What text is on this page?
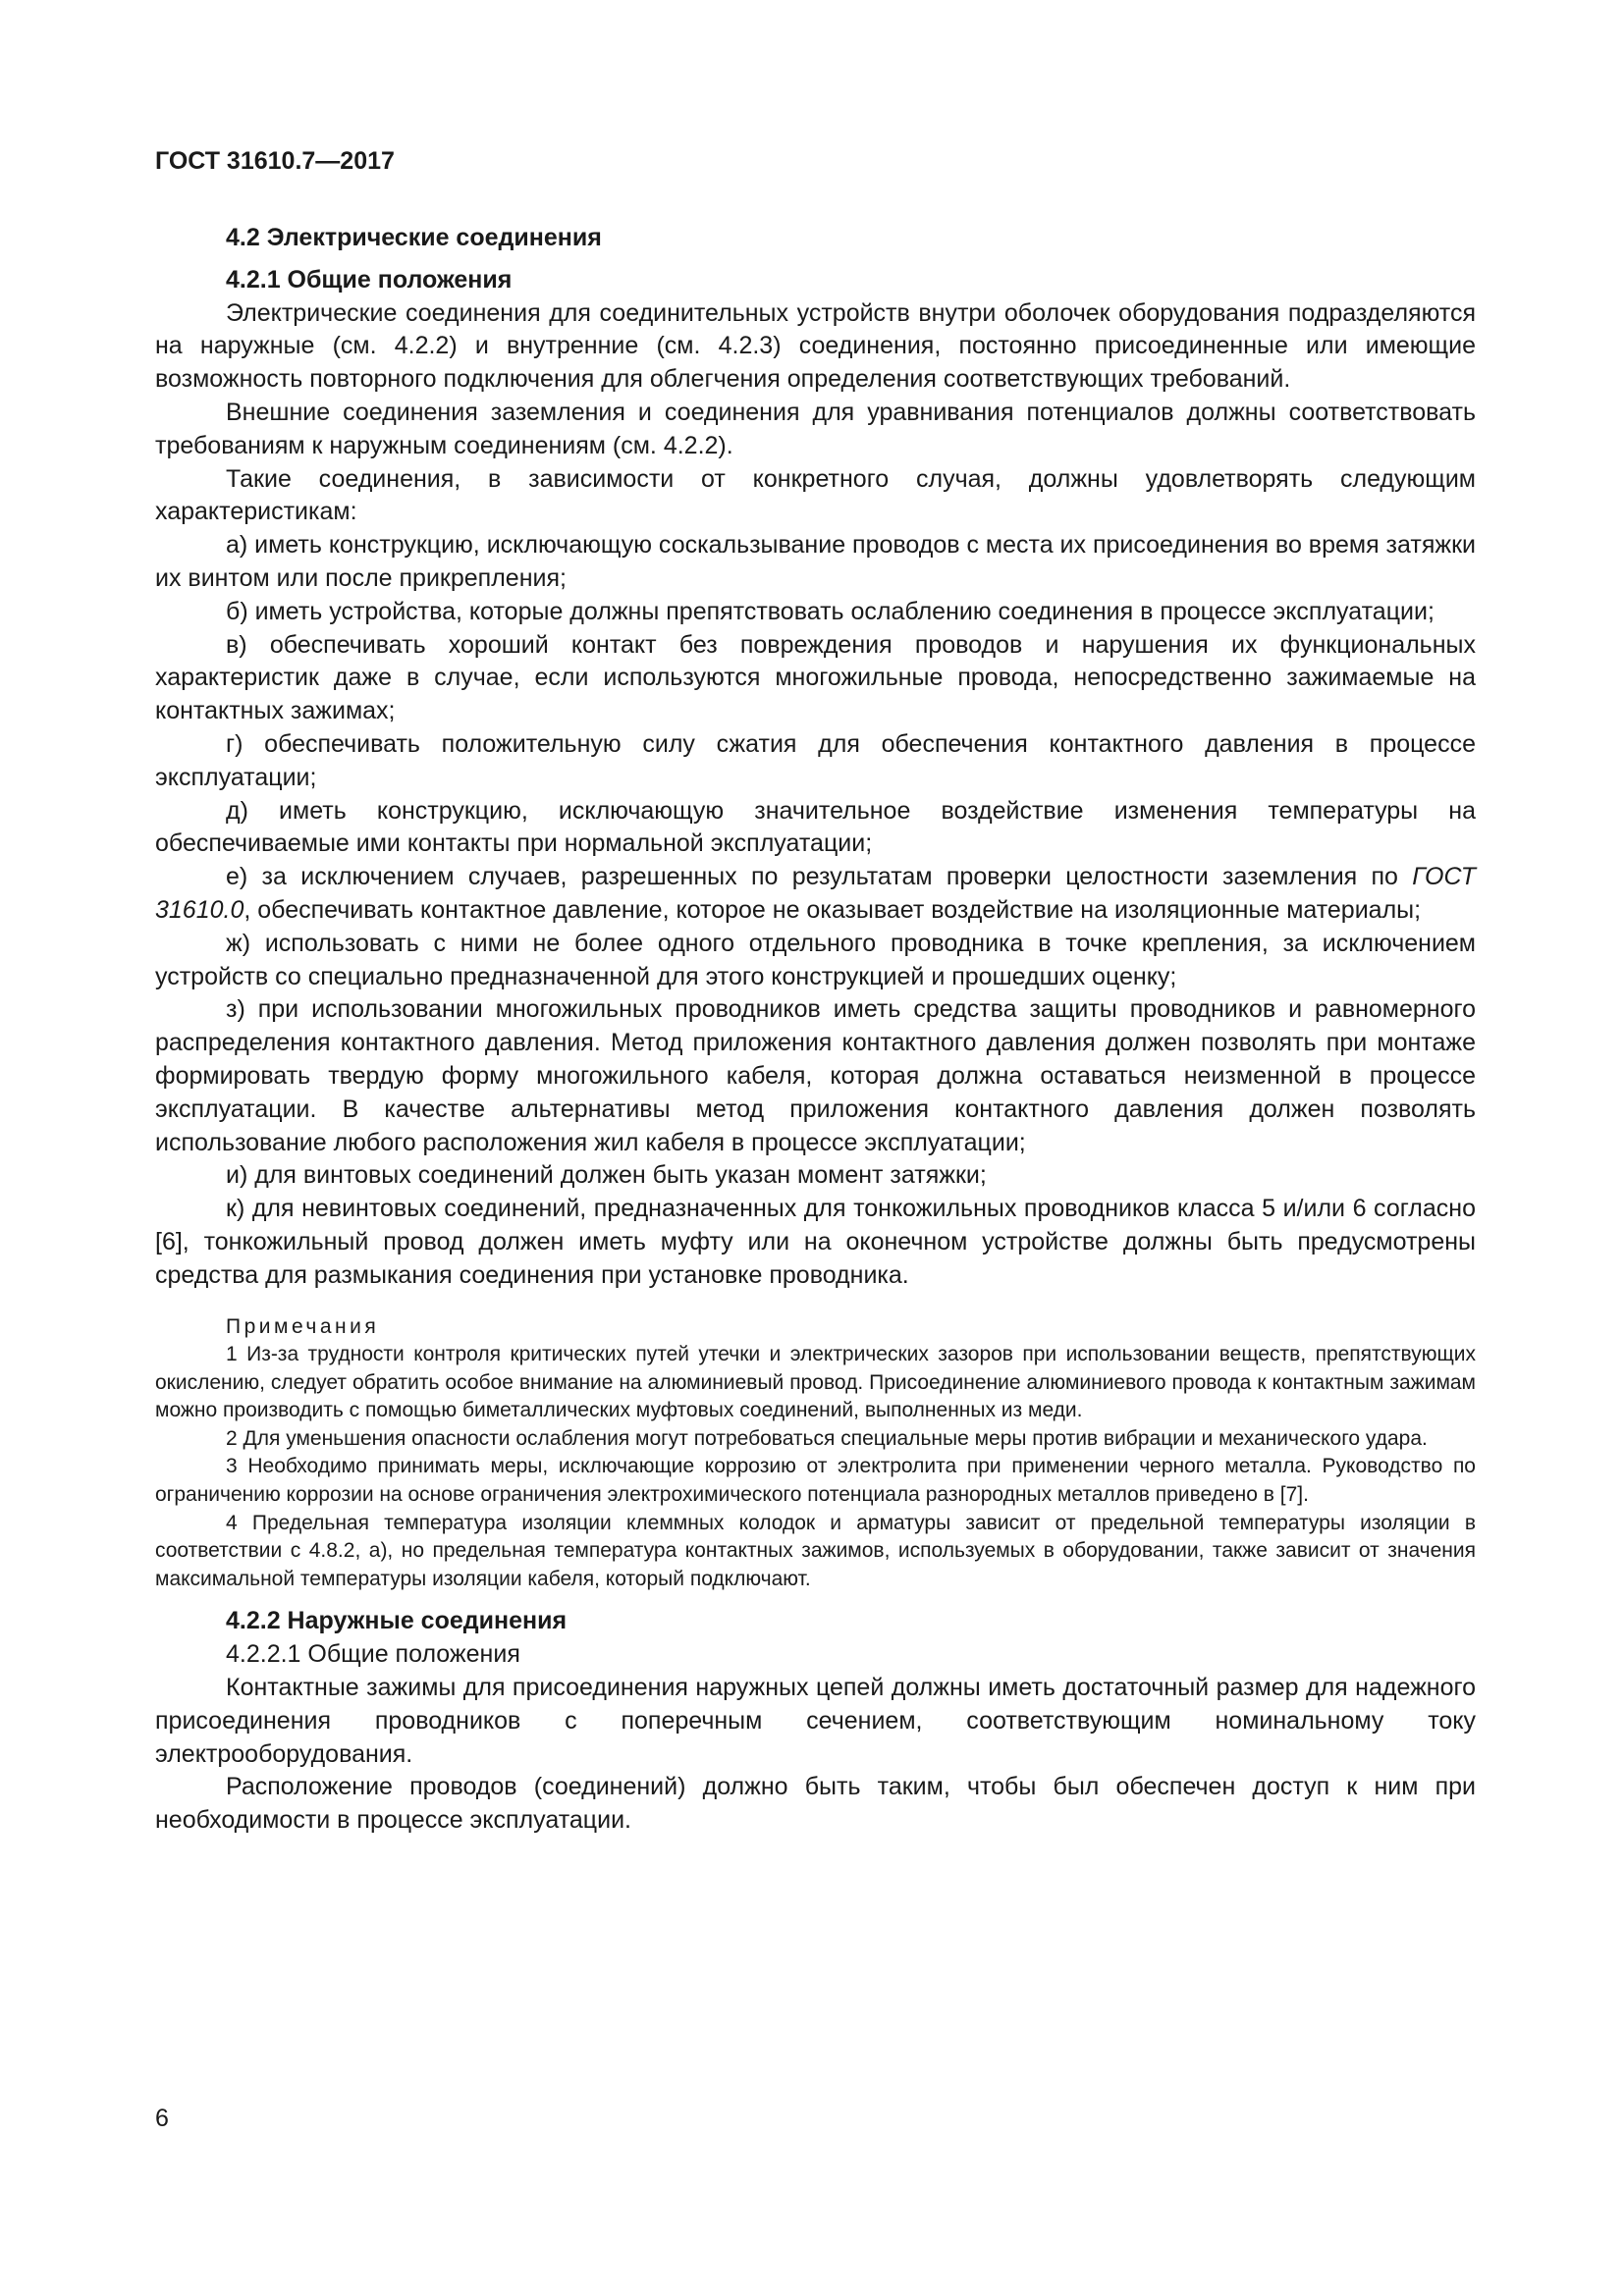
ГОСТ 31610.7—2017

4.2 Электрические соединения
4.2.1 Общие положения

Электрические соединения для соединительных устройств внутри оболочек оборудования подразделяются на наружные (см. 4.2.2) и внутренние (см. 4.2.3) соединения, постоянно присоединенные или имеющие возможность повторного подключения для облегчения определения соответствующих требований.

Внешние соединения заземления и соединения для уравнивания потенциалов должны соответствовать требованиям к наружным соединениям (см. 4.2.2).

Такие соединения, в зависимости от конкретного случая, должны удовлетворять следующим характеристикам:

а) иметь конструкцию, исключающую соскальзывание проводов с места их присоединения во время затяжки их винтом или после прикрепления;

б) иметь устройства, которые должны препятствовать ослаблению соединения в процессе эксплуатации;

в) обеспечивать хороший контакт без повреждения проводов и нарушения их функциональных характеристик даже в случае, если используются многожильные провода, непосредственно зажимаемые на контактных зажимах;

г) обеспечивать положительную силу сжатия для обеспечения контактного давления в процессе эксплуатации;

д) иметь конструкцию, исключающую значительное воздействие изменения температуры на обеспечиваемые ими контакты при нормальной эксплуатации;

е) за исключением случаев, разрешенных по результатам проверки целостности заземления по ГОСТ 31610.0, обеспечивать контактное давление, которое не оказывает воздействие на изоляционные материалы;

ж) использовать с ними не более одного отдельного проводника в точке крепления, за исключением устройств со специально предназначенной для этого конструкцией и прошедших оценку;

з) при использовании многожильных проводников иметь средства защиты проводников и равномерного распределения контактного давления. Метод приложения контактного давления должен позволять при монтаже формировать твердую форму многожильного кабеля, которая должна оставаться неизменной в процессе эксплуатации. В качестве альтернативы метод приложения контактного давления должен позволять использование любого расположения жил кабеля в процессе эксплуатации;

и) для винтовых соединений должен быть указан момент затяжки;

к) для невинтовых соединений, предназначенных для тонкожильных проводников класса 5 и/или 6 согласно [6], тонкожильный провод должен иметь муфту или на оконечном устройстве должны быть предусмотрены средства для размыкания соединения при установке проводника.

Примечания

1 Из-за трудности контроля критических путей утечки и электрических зазоров при использовании веществ, препятствующих окислению, следует обратить особое внимание на алюминиевый провод. Присоединение алюминиевого провода к контактным зажимам можно производить с помощью биметаллических муфтовых соединений, выполненных из меди.

2 Для уменьшения опасности ослабления могут потребоваться специальные меры против вибрации и механического удара.

3 Необходимо принимать меры, исключающие коррозию от электролита при применении черного металла. Руководство по ограничению коррозии на основе ограничения электрохимического потенциала разнородных металлов приведено в [7].

4 Предельная температура изоляции клеммных колодок и арматуры зависит от предельной температуры изоляции в соответствии с 4.8.2, а), но предельная температура контактных зажимов, используемых в оборудовании, также зависит от значения максимальной температуры изоляции кабеля, который подключают.

4.2.2 Наружные соединения

4.2.2.1 Общие положения

Контактные зажимы для присоединения наружных цепей должны иметь достаточный размер для надежного присоединения проводников с поперечным сечением, соответствующим номинальному току электрооборудования.

Расположение проводов (соединений) должно быть таким, чтобы был обеспечен доступ к ним при необходимости в процессе эксплуатации.

6
